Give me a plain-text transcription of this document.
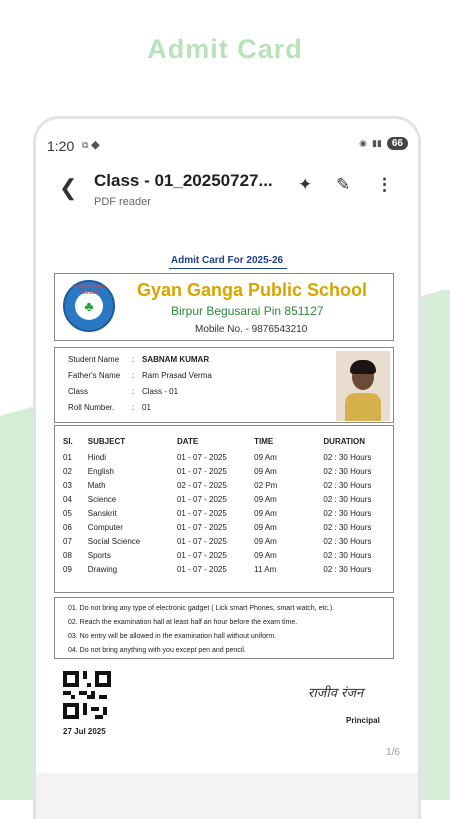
Admit Card
1:20 ⧉ ◆	◉ ▮▮	66
❮ Class - 01_20250727...
PDF reader
✦ ✎ ⋮
Admit Card For 2025-26
Holly Mission School
♣
Gyan Ganga Public School
Birpur Begusarai Pin 851127
Mobile No. - 9876543210
Student Name : SABNAM KUMAR
Father's Name : Ram Prasad Verma
Class	: Class - 01
Roll Number. : 01
SI.	SUBJECT	DATE	TIME	DURATION
01	Hindi	01 - 07 - 2025	09 Am	02 : 30 Hours
02	English	01 - 07 - 2025	09 Am	02 : 30 Hours
03	Math	02 - 07 - 2025	02 Pm	02 : 30 Hours
04	Science	01 - 07 - 2025	09 Am	02 : 30 Hours
05	Sanskrit	01 - 07 - 2025	09 Am	02 : 30 Hours
06	Computer	01 - 07 - 2025	09 Am	02 : 30 Hours
07	Social Science	01 - 07 - 2025	09 Am	02 : 30 Hours
08	Sports	01 - 07 - 2025	09 Am	02 : 30 Hours
09	Drawing	01 - 07 - 2025	11 Am	02 : 30 Hours
01. Do not bring any type of electronic gadget ( Lick smart Phones, smart watch, etc.).
02. Reach the examination hall at least half an hour before the exam time.
03. No entry will be allowed in the examination hall without uniform.
04. Do not bring anything with you except pen and pencil.
27 Jul 2025
राजीव रंजन
Principal
1/6
